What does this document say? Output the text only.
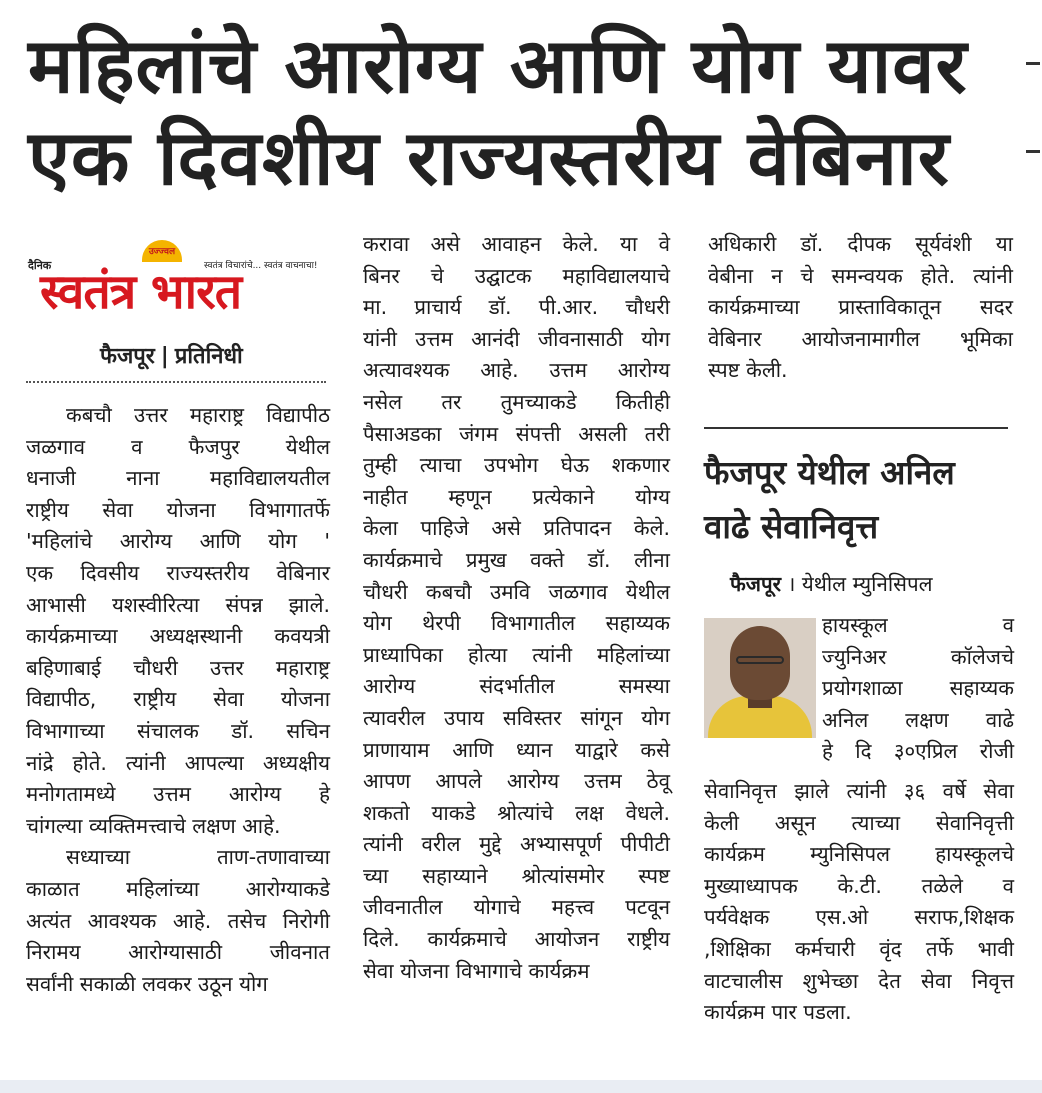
महिलांचे आरोग्य आणि योग यावर
एक दिवशीय राज्यस्तरीय वेबिनार
उज्ज्वल
दैनिक	स्वतंत्र विचारांचे... स्वतंत्र वाचनाचा!
स्वतंत्र भारत
फैजपूर | प्रतिनिधी
कबचौ उत्तर महाराष्ट्र विद्यापीठ
जळगाव व फैजपुर येथील
धनाजी नाना महाविद्यालयतील
राष्ट्रीय सेवा योजना विभागातर्फे
'महिलांचे आरोग्य आणि योग '
एक दिवसीय राज्यस्तरीय वेबिनार
आभासी यशस्वीरित्या संपन्न झाले.
कार्यक्रमाच्या अध्यक्षस्थानी कवयत्री
बहिणाबाई चौधरी उत्तर महाराष्ट्र
विद्यापीठ, राष्ट्रीय सेवा योजना
विभागाच्या संचालक डॉ. सचिन
नांद्रे होते. त्यांनी आपल्या अध्यक्षीय
मनोगतामध्ये उत्तम आरोग्य हे
चांगल्या व्यक्तिमत्त्वाचे लक्षण आहे.
सध्याच्या ताण-तणावाच्या
काळात महिलांच्या आरोग्याकडे
अत्यंत आवश्यक आहे. तसेच निरोगी
निरामय आरोग्यासाठी जीवनात
सर्वांनी सकाळी लवकर उठून योग
करावा असे आवाहन केले. या वे
बिनर चे उद्घाटक महाविद्यालयाचे
मा. प्राचार्य डॉ. पी.आर. चौधरी
यांनी उत्तम आनंदी जीवनासाठी योग
अत्यावश्यक आहे. उत्तम आरोग्य
नसेल तर तुमच्याकडे कितीही
पैसाअडका जंगम संपत्ती असली तरी
तुम्ही त्याचा उपभोग घेऊ शकणार
नाहीत म्हणून प्रत्येकाने योग्य
केला पाहिजे असे प्रतिपादन केले.
कार्यक्रमाचे प्रमुख वक्ते डॉ. लीना
चौधरी कबचौ उमवि जळगाव येथील
योग थेरपी विभागातील सहाय्यक
प्राध्यापिका होत्या त्यांनी महिलांच्या
आरोग्य संदर्भातील समस्या
त्यावरील उपाय सविस्तर सांगून योग
प्राणायाम आणि ध्यान याद्वारे कसे
आपण आपले आरोग्य उत्तम ठेवू
शकतो याकडे श्रोत्यांचे लक्ष वेधले.
त्यांनी वरील मुद्दे अभ्यासपूर्ण पीपीटी
च्या सहाय्याने श्रोत्यांसमोर स्पष्ट
जीवनातील योगाचे महत्त्व पटवून
दिले. कार्यक्रमाचे आयोजन राष्ट्रीय
सेवा योजना विभागाचे कार्यक्रम
अधिकारी डॉ. दीपक सूर्यवंशी या
वेबीना न चे समन्वयक होते. त्यांनी
कार्यक्रमाच्या प्रास्ताविकातून सदर
वेबिनार आयोजनामागील भूमिका
स्पष्ट केली.
फैजपूर येथील अनिल
वाढे सेवानिवृत्त
फैजपूर । येथील म्युनिसिपल
हायस्कूल व
ज्युनिअर कॉलेजचे
प्रयोगशाळा सहाय्यक
अनिल लक्षण वाढे
हे दि ३०एप्रिल रोजी
सेवानिवृत्त झाले त्यांनी ३६ वर्षे सेवा
केली असून त्याच्या सेवानिवृत्ती
कार्यक्रम म्युनिसिपल हायस्कूलचे
मुख्याध्यापक के.टी. तळेले व
पर्यवेक्षक एस.ओ सराफ,शिक्षक
,शिक्षिका कर्मचारी वृंद तर्फे भावी
वाटचालीस शुभेच्छा देत सेवा निवृत्त
कार्यक्रम पार पडला.
